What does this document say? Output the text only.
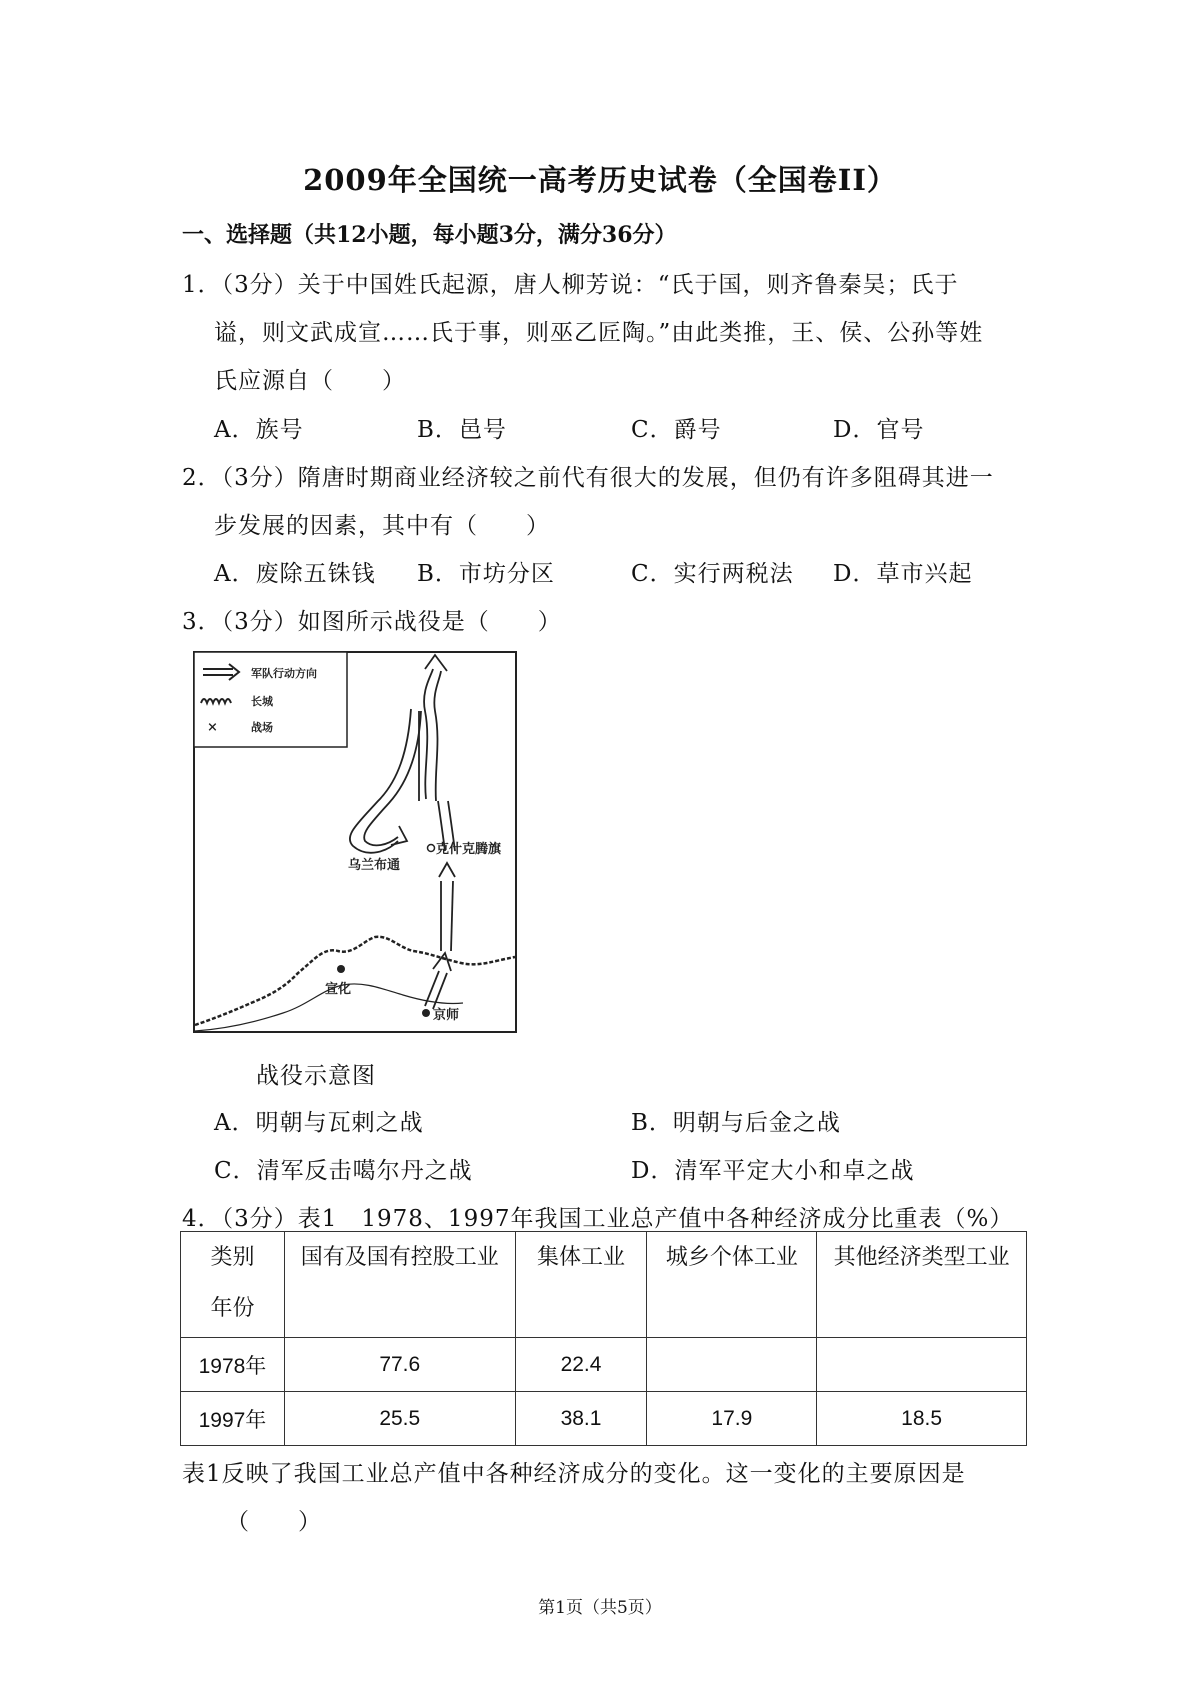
2009年全国统一高考历史试卷（全国卷II）
一、选择题（共12小题，每小题3分，满分36分）
1．（3分）关于中国姓氏起源，唐人柳芳说：“氏于国，则齐鲁秦吴；氏于
谥，则文武成宣……氏于事，则巫乙匠陶。”由此类推，王、侯、公孙等姓
氏应源自（　　）
A．族号	B．邑号	C．爵号	D．官号
2．（3分）隋唐时期商业经济较之前代有很大的发展，但仍有许多阻碍其进一
步发展的因素，其中有（　　）
A．废除五铢钱 B．市坊分区	C．实行两税法 D．草市兴起
3．（3分）如图所示战役是（　　）
军队行动方向
长城
×	战场
克什克腾旗
乌兰布通
宣化
京师
战役示意图
A．明朝与瓦剌之战	B．明朝与后金之战
C．清军反击噶尔丹之战	D．清军平定大小和卓之战
4．（3分）表1　1978、1997年我国工业总产值中各种经济成分比重表（%）
类别
年份	国有及国有控股工业	集体工业	城乡个体工业	其他经济类型工业
1978年	77.6	22.4		
1997年	25.5	38.1	17.9	18.5
表1反映了我国工业总产值中各种经济成分的变化。这一变化的主要原因是
（　　）
第1页（共5页）
